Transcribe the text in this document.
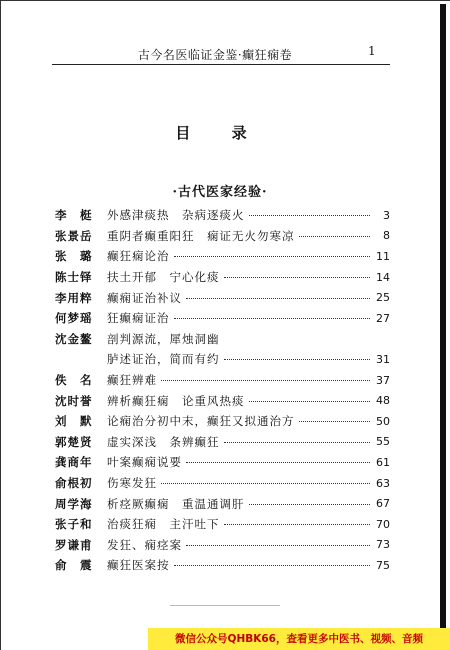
古今名医临证金鉴·癫狂痫卷	1
目 录
·古代医家经验·
李　梃	外感津痰热　杂病逐痰火	3
张景岳	重阴者癫重阳狂　痫证无火勿寒凉	8
张　璐	癫狂痫论治	11
陈士铎	扶土开郁　宁心化痰	14
李用粹	癫痫证治补议	25
何梦瑶	狂癫痫证治	27
沈金鳌	剖判源流，犀烛洞幽
胪述证治，简而有约	31
佚　名	癫狂辨难	37
沈时誉	辨析癫狂痫　论重风热痰	48
刘　默	论痫治分初中末，癫狂又拟通治方	50
郭楚贤	虚实深浅　条辨癫狂	55
龚商年	叶案癫痫说要	61
俞根初	伤寒发狂	63
周学海	析痉厥癫痫　重温通调肝	67
张子和	治痰狂痫　主汗吐下	70
罗谦甫	发狂、痫痉案	73
俞　震	癫狂医案按	75
微信公众号QHBK66，查看更多中医书、视频、音频
